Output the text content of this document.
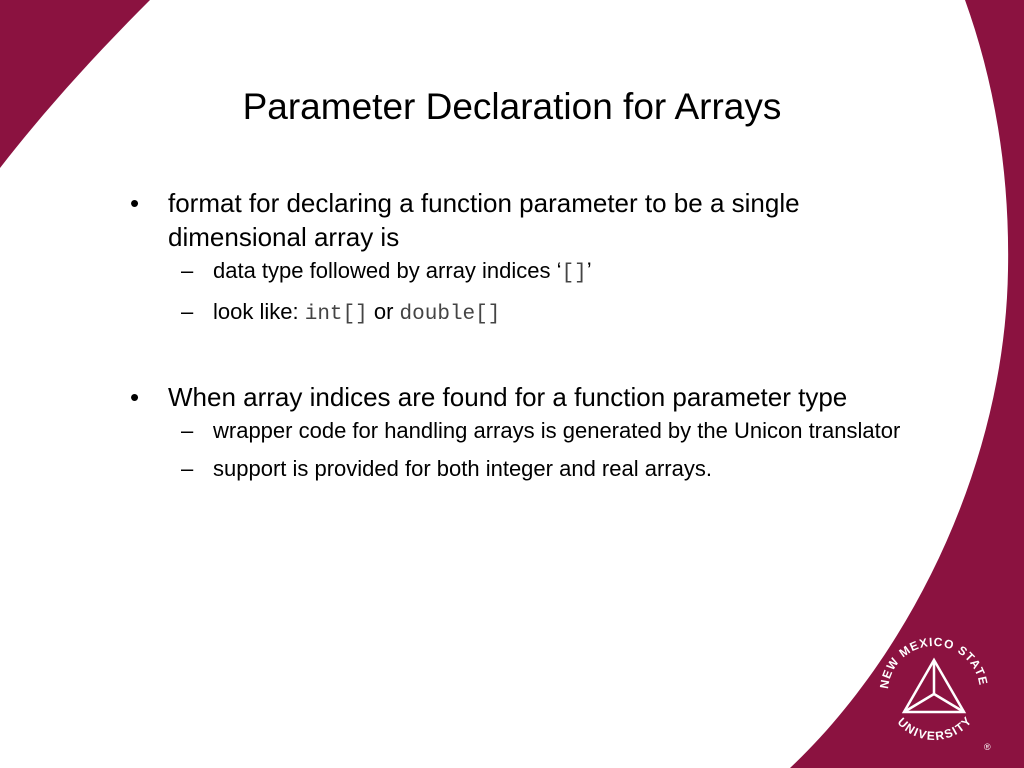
Parameter Declaration for Arrays
• format for declaring a function parameter to be a single dimensional array is
– data type followed by array indices ‘[]’
– look like: int[] or double[]
• When array indices are found for a function parameter type
– wrapper code for handling arrays is generated by the Unicon translator
– support is provided for both integer and real arrays.
NEW MEXICO STATE
UNIVERSITY
®
